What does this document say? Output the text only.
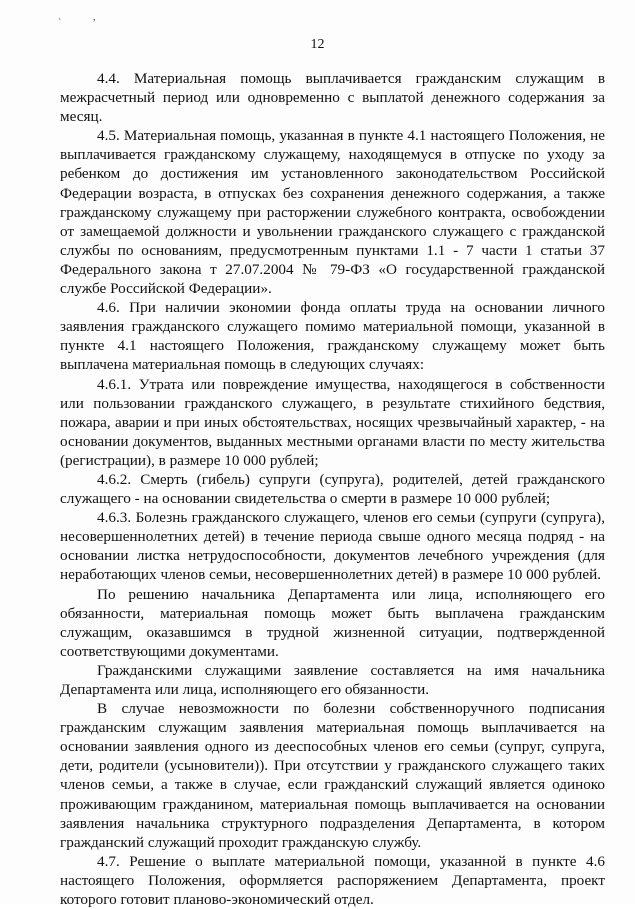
`
,
12

4.4. Материальная помощь выплачивается гражданским служащим в межрасчетный период или одновременно с выплатой денежного содержания за месяц.

4.5. Материальная помощь, указанная в пункте 4.1 настоящего Положения, не выплачивается гражданскому служащему, находящемуся в отпуске по уходу за ребенком до достижения им установленного законодательством Российской Федерации возраста, в отпусках без сохранения денежного содержания, а также гражданскому служащему при расторжении служебного контракта, освобождении от замещаемой должности и увольнении гражданского служащего с гражданской службы по основаниям, предусмотренным пунктами 1.1 - 7 части 1 статьи 37 Федерального закона т 27.07.2004 № 79-ФЗ «О государственной гражданской службе Российской Федерации».

4.6. При наличии экономии фонда оплаты труда на основании личного заявления гражданского служащего помимо материальной помощи, указанной в пункте 4.1 настоящего Положения, гражданскому служащему может быть выплачена материальная помощь в следующих случаях:

4.6.1. Утрата или повреждение имущества, находящегося в собственности или пользовании гражданского служащего, в результате стихийного бедствия, пожара, аварии и при иных обстоятельствах, носящих чрезвычайный характер, - на основании документов, выданных местными органами власти по месту жительства (регистрации), в размере 10 000 рублей;

4.6.2. Смерть (гибель) супруги (супруга), родителей, детей гражданского служащего - на основании свидетельства о смерти в размере 10 000 рублей;

4.6.3. Болезнь гражданского служащего, членов его семьи (супруги (супруга), несовершеннолетних детей) в течение периода свыше одного месяца подряд - на основании листка нетрудоспособности, документов лечебного учреждения (для неработающих членов семьи, несовершеннолетних детей) в размере 10 000 рублей.

По решению начальника Департамента или лица, исполняющего его обязанности, материальная помощь может быть выплачена гражданским служащим, оказавшимся в трудной жизненной ситуации, подтвержденной соответствующими документами.

Гражданскими служащими заявление составляется на имя начальника Департамента или лица, исполняющего его обязанности.

В случае невозможности по болезни собственноручного подписания гражданским служащим заявления материальная помощь выплачивается на основании заявления одного из дееспособных членов его семьи (супруг, супруга, дети, родители (усыновители)). При отсутствии у гражданского служащего таких членов семьи, а также в случае, если гражданский служащий является одиноко проживающим гражданином, материальная помощь выплачивается на основании заявления начальника структурного подразделения Департамента, в котором гражданский служащий проходит гражданскую службу.

4.7. Решение о выплате материальной помощи, указанной в пункте 4.6 настоящего Положения, оформляется распоряжением Департамента, проект которого готовит планово-экономический отдел.
